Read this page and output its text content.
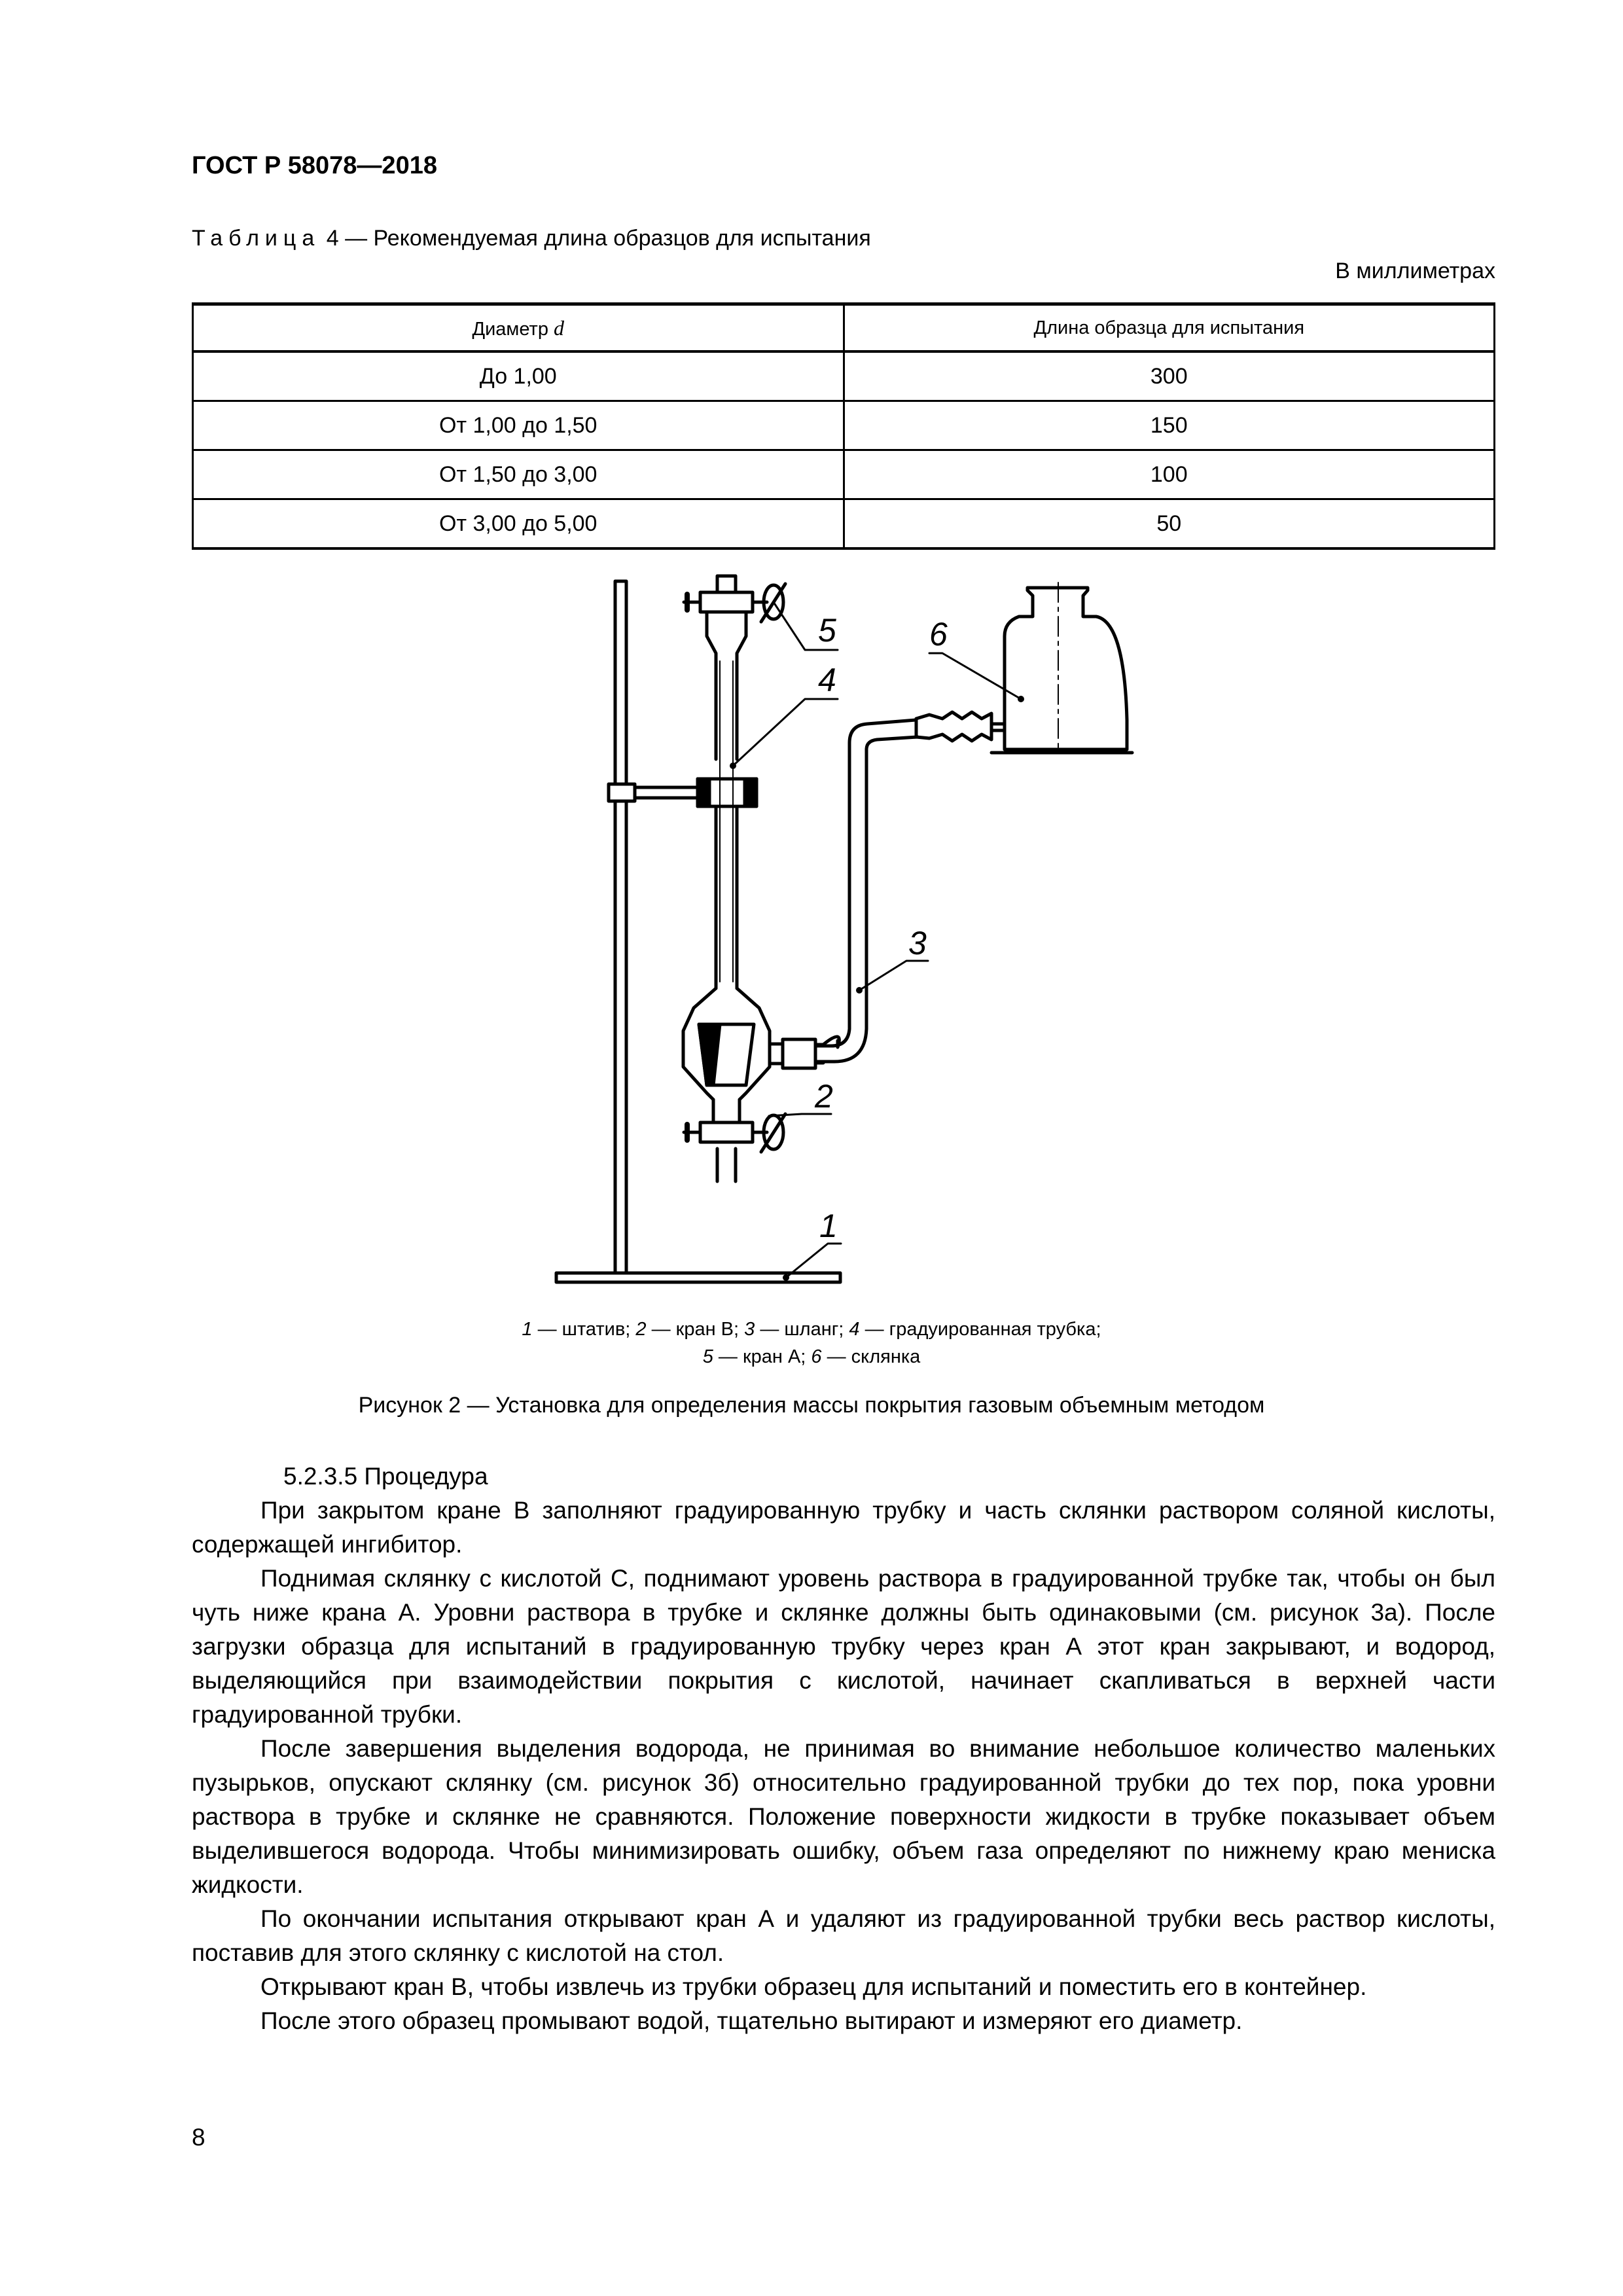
ГОСТ Р 58078—2018
Таблица 4 — Рекомендуемая длина образцов для испытания
В миллиметрах
Диаметр d	Длина образца для испытания
До 1,00	300
От 1,00 до 1,50	150
От 1,50 до 3,00	100
От 3,00 до 5,00	50
1
2
3
4
5	6
1 — штатив; 2 — кран В; 3 — шланг; 4 — градуированная трубка;
5 — кран А; 6 — склянка
Рисунок 2 — Установка для определения массы покрытия газовым объемным методом

5.2.3.5 Процедура

При закрытом кране В заполняют градуированную трубку и часть склянки раствором соляной кислоты, содержащей ингибитор.

Поднимая склянку с кислотой С, поднимают уровень раствора в градуированной трубке так, чтобы он был чуть ниже крана А. Уровни раствора в трубке и склянке должны быть одинаковыми (см. рисунок 3а). После загрузки образца для испытаний в градуированную трубку через кран А этот кран закрывают, и водород, выделяющийся при взаимодействии покрытия с кислотой, начинает скапливаться в верхней части градуированной трубки.

После завершения выделения водорода, не принимая во внимание небольшое количество маленьких пузырьков, опускают склянку (см. рисунок 3б) относительно градуированной трубки до тех пор, пока уровни раствора в трубке и склянке не сравняются. Положение поверхности жидкости в трубке показывает объем выделившегося водорода. Чтобы минимизировать ошибку, объем газа определяют по нижнему краю мениска жидкости.

По окончании испытания открывают кран А и удаляют из градуированной трубки весь раствор кислоты, поставив для этого склянку с кислотой на стол.

Открывают кран В, чтобы извлечь из трубки образец для испытаний и поместить его в контейнер.

После этого образец промывают водой, тщательно вытирают и измеряют его диаметр.

8
